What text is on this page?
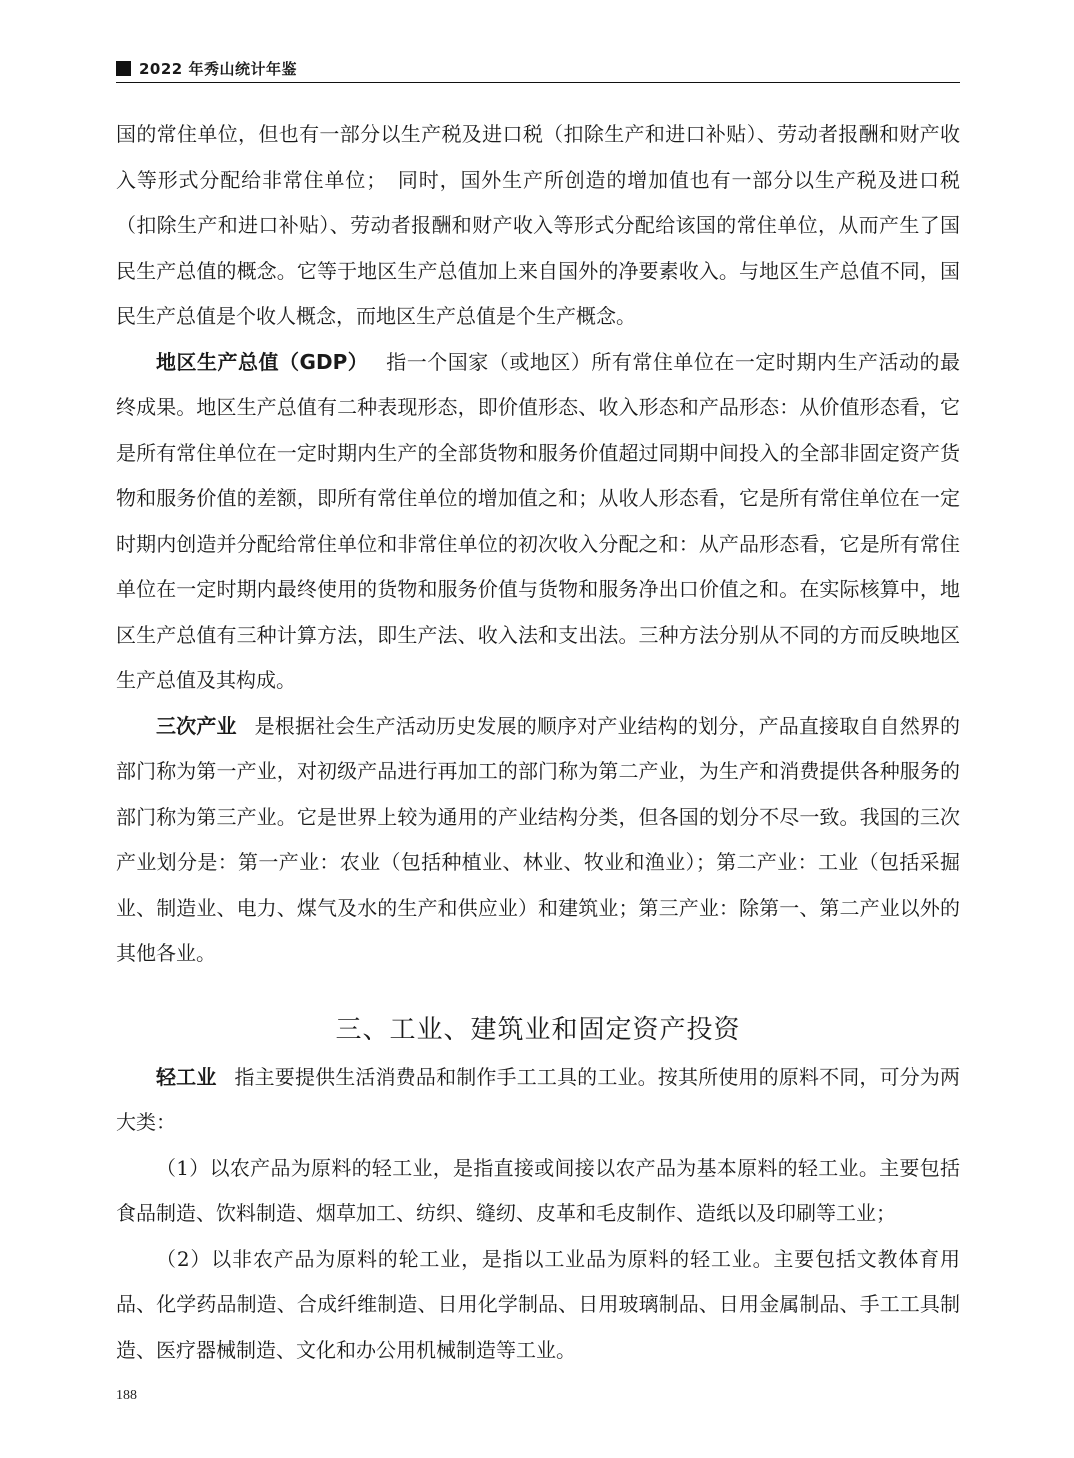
2022 年秀山统计年鉴

国的常住单位，但也有一部分以生产税及进口税（扣除生产和进口补贴）、劳动者报酬和财产收入等形式分配给非常住单位；　同时，国外生产所创造的增加值也有一部分以生产税及进口税（扣除生产和进口补贴）、劳动者报酬和财产收入等形式分配给该国的常住单位，从而产生了国民生产总值的概念。它等于地区生产总值加上来自国外的净要素收入。与地区生产总值不同，国民生产总值是个收人概念，而地区生产总值是个生产概念。

地区生产总值（GDP） 指一个国家（或地区）所有常住单位在一定时期内生产活动的最终成果。地区生产总值有二种表现形态，即价值形态、收入形态和产品形态：从价值形态看，它是所有常住单位在一定时期内生产的全部货物和服务价值超过同期中间投入的全部非固定资产货物和服务价值的差额，即所有常住单位的增加值之和；从收人形态看，它是所有常住单位在一定时期内创造并分配给常住单位和非常住单位的初次收入分配之和：从产品形态看，它是所有常住单位在一定时期内最终使用的货物和服务价值与货物和服务净出口价值之和。在实际核算中，地区生产总值有三种计算方法，即生产法、收入法和支出法。三种方法分别从不同的方而反映地区生产总值及其构成。

三次产业 是根据社会生产活动历史发展的顺序对产业结构的划分，产品直接取自自然界的部门称为第一产业，对初级产品进行再加工的部门称为第二产业，为生产和消费提供各种服务的部门称为第三产业。它是世界上较为通用的产业结构分类，但各国的划分不尽一致。我国的三次产业划分是：第一产业：农业（包括种植业、林业、牧业和渔业）；第二产业：工业（包括采掘业、制造业、电力、煤气及水的生产和供应业）和建筑业；第三产业：除第一、第二产业以外的其他各业。

三、工业、建筑业和固定资产投资

轻工业 指主要提供生活消费品和制作手工工具的工业。按其所使用的原料不同，可分为两大类：

（1）以农产品为原料的轻工业，是指直接或间接以农产品为基本原料的轻工业。主要包括食品制造、饮料制造、烟草加工、纺织、缝纫、皮革和毛皮制作、造纸以及印刷等工业；

（2）以非农产品为原料的轮工业，是指以工业品为原料的轻工业。主要包括文教体育用品、化学药品制造、合成纤维制造、日用化学制品、日用玻璃制品、日用金属制品、手工工具制造、医疗器械制造、文化和办公用机械制造等工业。

188
